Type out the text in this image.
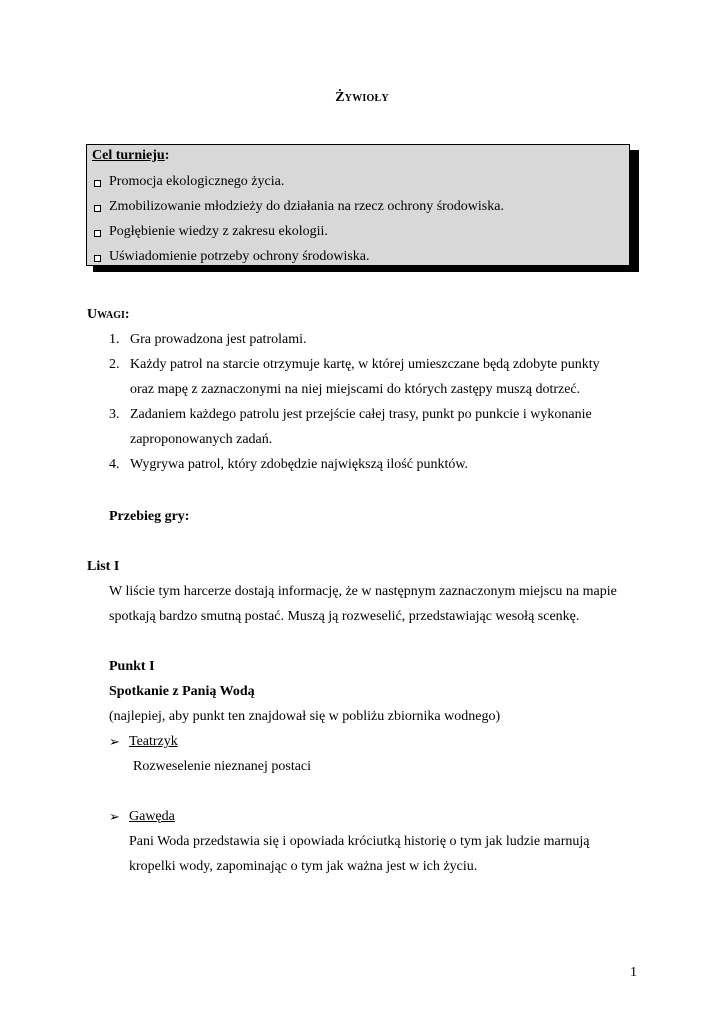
Żywioły
Cel turnieju:
Promocja ekologicznego życia.
Zmobilizowanie młodzieży do działania na rzecz ochrony środowiska.
Pogłębienie wiedzy z zakresu ekologii.
Uświadomienie potrzeby ochrony środowiska.
Uwagi:
1. Gra prowadzona jest patrolami.
2. Każdy patrol na starcie otrzymuje kartę, w której umieszczane będą zdobyte punkty
oraz mapę z zaznaczonymi na niej miejscami do których zastępy muszą dotrzeć.
3. Zadaniem każdego patrolu jest przejście całej trasy, punkt po punkcie i wykonanie
zaproponowanych zadań.
4. Wygrywa patrol, który zdobędzie największą ilość punktów.
Przebieg gry:
List I
W liście tym harcerze dostają informację, że w następnym zaznaczonym miejscu na mapie
spotkają bardzo smutną postać. Muszą ją rozweselić, przedstawiając wesołą scenkę.
Punkt I
Spotkanie z Panią Wodą
(najlepiej, aby punkt ten znajdował się w pobliżu zbiornika wodnego)
➢ Teatrzyk
Rozweselenie nieznanej postaci
➢ Gawęda
Pani Woda przedstawia się i opowiada króciutką historię o tym jak ludzie marnują
kropelki wody, zapominając o tym jak ważna jest w ich życiu.
1
